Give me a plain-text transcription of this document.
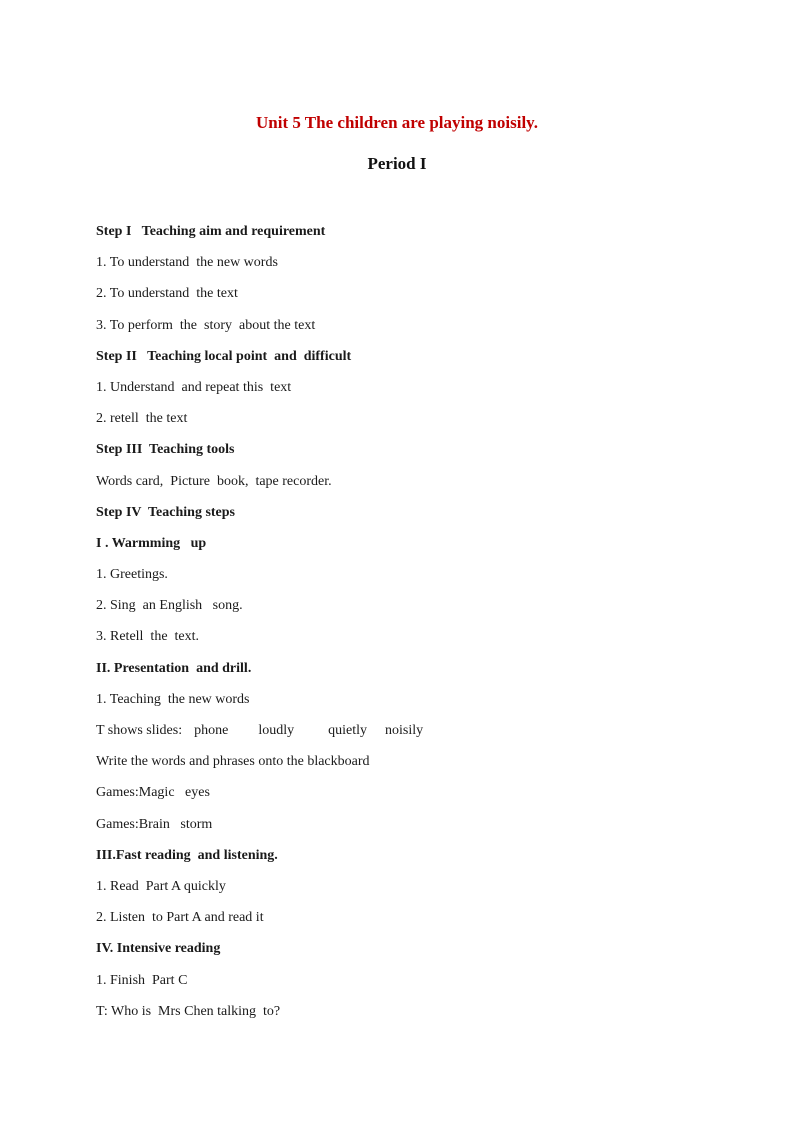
Unit 5 The children are playing noisily.
Period I
Step I   Teaching aim and requirement
1. To understand  the new words
2. To understand  the text
3. To perform  the  story  about the text
Step II   Teaching local point  and  difficult
1. Understand  and repeat this  text
2. retell  the text
Step III  Teaching tools
Words card,  Picture  book,  tape recorder.
Step IV  Teaching steps
I . Warmming   up
1. Greetings.
2. Sing  an English   song.
3. Retell  the  text.
II. Presentation  and drill.
1. Teaching  the new words
T shows slides: phone loudly quietly noisily
Write the words and phrases onto the blackboard
Games:Magic   eyes
Games:Brain   storm
III.Fast reading  and listening.
1. Read  Part A quickly
2. Listen  to Part A and read it
IV. Intensive reading
1. Finish  Part C
T: Who is  Mrs Chen talking  to?
